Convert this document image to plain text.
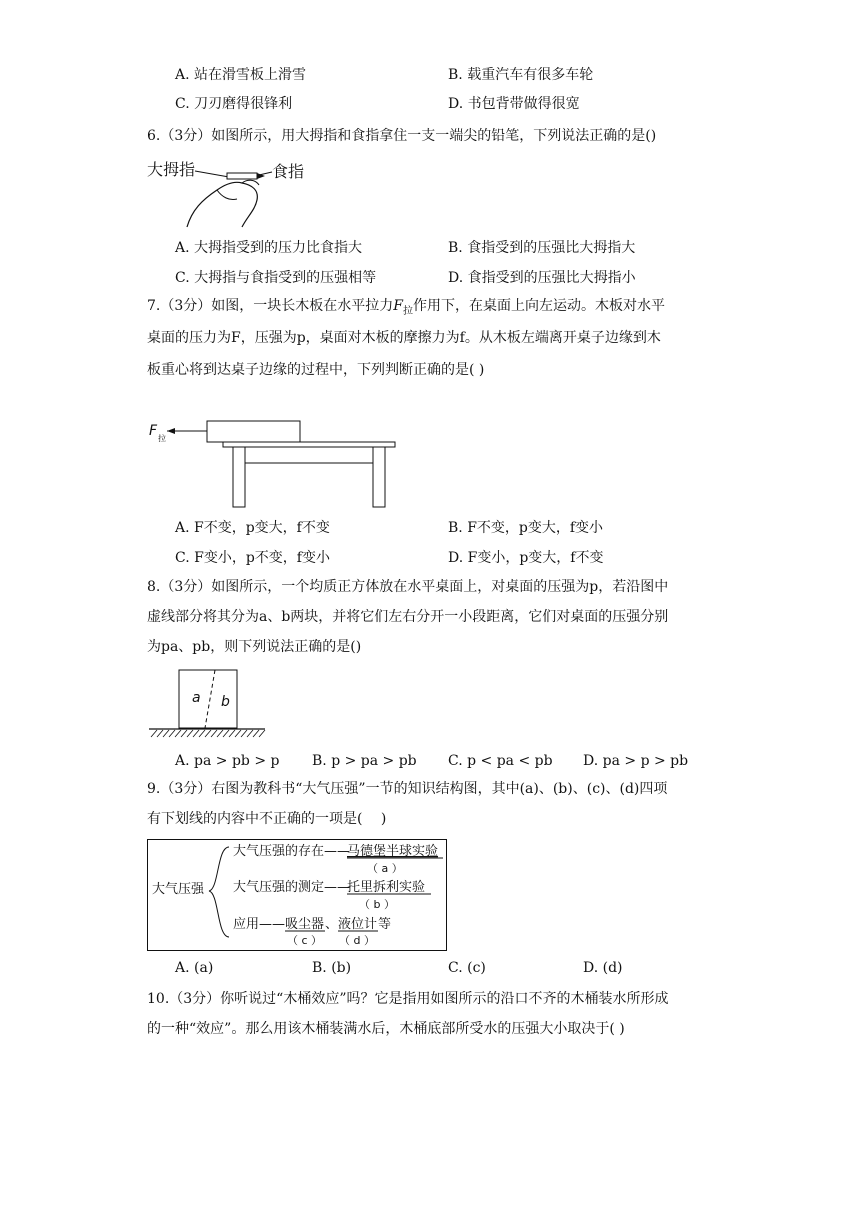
A. 站在滑雪板上滑雪	B. 载重汽车有很多车轮
C. 刀刃磨得很锋利	D. 书包背带做得很宽
6.（3分）如图所示，用大拇指和食指拿住一支一端尖的铅笔，下列说法正确的是()
大拇指	食指
A. 大拇指受到的压力比食指大	B. 食指受到的压强比大拇指大
C. 大拇指与食指受到的压强相等	D. 食指受到的压强比大拇指小
7.（3分）如图，一块长木板在水平拉力$F_拉$作用下，在桌面上向左运动。木板对水平
桌面的压力为F，压强为p，桌面对木板的摩擦力为f。从木板左端离开桌子边缘到木
板重心将到达桌子边缘的过程中，下列判断正确的是( )
F 拉
A. F不变，p变大，f不变	B. F不变，p变大，f变小
C. F变小，p不变，f变小	D. F变小，p变大，f不变
8.（3分）如图所示，一个均质正方体放在水平桌面上，对桌面的压强为p，若沿图中
虚线部分将其分为a、b两块，并将它们左右分开一小段距离，它们对桌面的压强分别
为pa、pb，则下列说法正确的是()
a b
A. pa > pb > p B. p > pa > pb C. p < pa < pb D. pa > p > pb
9.（3分）右图为教科书“大气压强”一节的知识结构图，其中(a)、(b)、(c)、(d)四项
有下划线的内容中不正确的一项是(　 )
大气压强
大气压强的存在——
马德堡半球实验
（ a ）
大气压强的测定——
托里拆利实验
（ b ）
应用—— 吸尘器 、 液位计 等
（ c ） （ d ）
A. (a)	B. (b)	C. (c)	D. (d)
10.（3分）你听说过“木桶效应”吗？它是指用如图所示的沿口不齐的木桶装水所形成
的一种“效应”。那么用该木桶装满水后，木桶底部所受水的压强大小取决于( )
